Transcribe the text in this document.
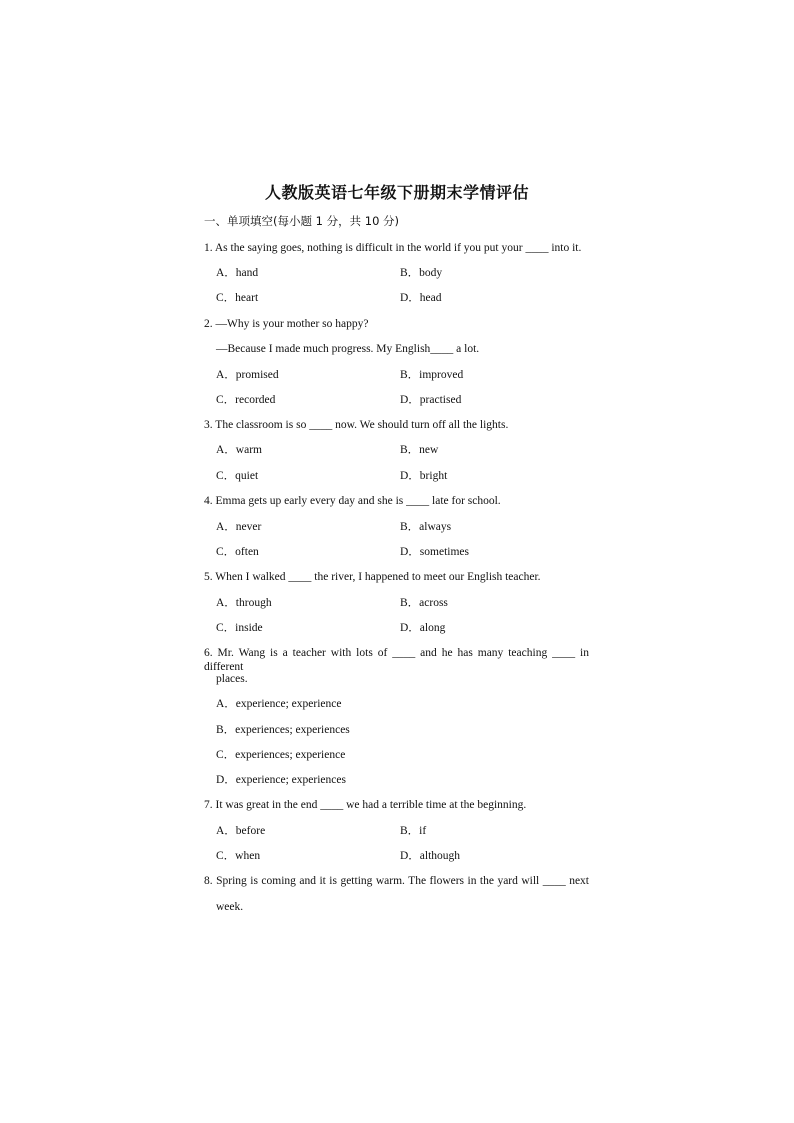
人教版英语七年级下册期末学情评估
一、单项填空(每小题 1 分，共 10 分)
1. As the saying goes, nothing is difficult in the world if you put your ____ into it.
A．hand	B．body
C．heart	D．head
2. —Why is your mother so happy?
—Because I made much progress. My English____ a lot.
A．promised	B．improved
C．recorded	D．practised
3. The classroom is so ____ now. We should turn off all the lights.
A．warm	B．new
C．quiet	D．bright
4. Emma gets up early every day and she is ____ late for school.
A．never	B．always
C．often	D．sometimes
5. When I walked ____ the river, I happened to meet our English teacher.
A．through	B．across
C．inside	D．along
6. Mr. Wang is a teacher with lots of ____ and he has many teaching ____ in different
places.
A．experience; experience
B．experiences; experiences
C．experiences; experience
D．experience; experiences
7. It was great in the end ____ we had a terrible time at the beginning.
A．before	B．if
C．when	D．although
8. Spring is coming and it is getting warm. The flowers in the yard will ____ next
week.
